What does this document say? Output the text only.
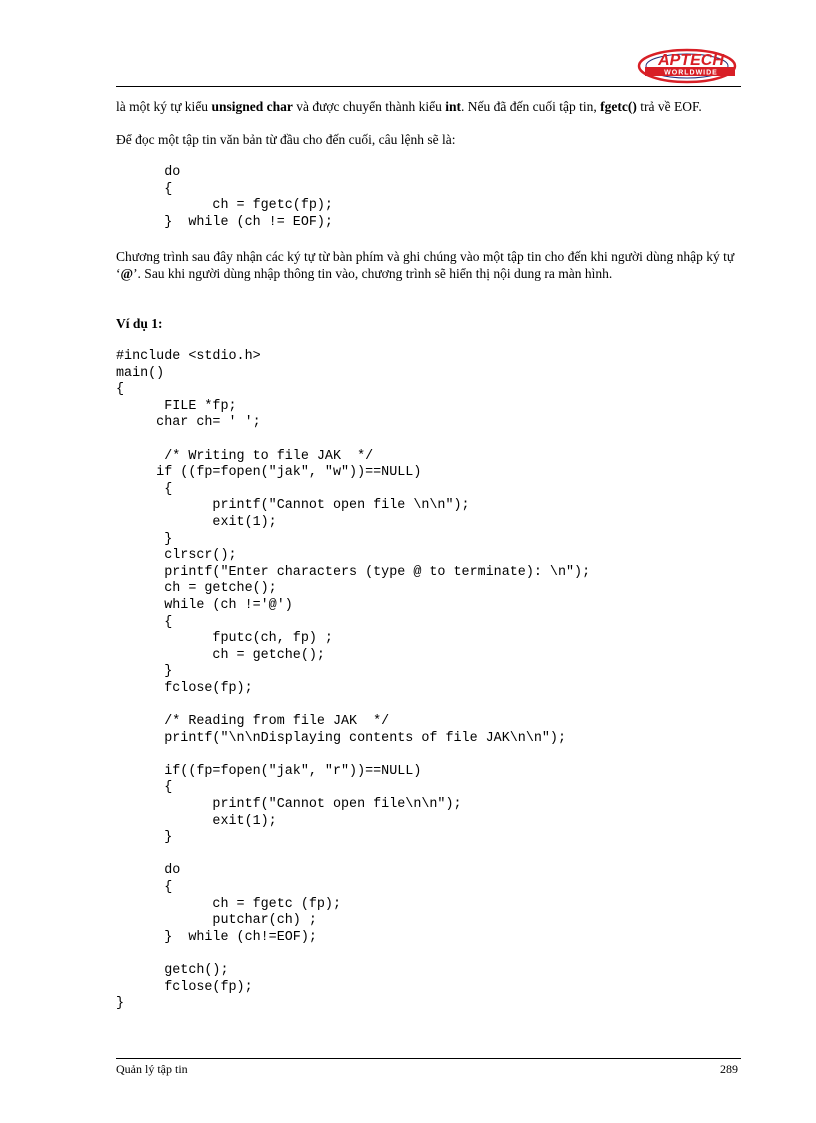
APTECH
WORLDWIDE
là một ký tự kiểu unsigned char và được chuyển thành kiểu int. Nếu đã đến cuối tập tin, fgetc() trả về EOF.
Để đọc một tập tin văn bản từ đầu cho đến cuối, câu lệnh sẽ là:
do
{
ch = fgetc(fp);
}  while (ch != EOF);
Chương trình sau đây nhận các ký tự từ bàn phím và ghi chúng vào một tập tin cho đến khi người dùng nhập ký tự ‘@’. Sau khi người dùng nhập thông tin vào, chương trình sẽ hiển thị nội dung ra màn hình.
Ví dụ 1:
#include <stdio.h>
main()
{
FILE *fp;
char ch= ' ';

/* Writing to file JAK  */
if ((fp=fopen("jak", "w"))==NULL)
{
printf("Cannot open file \n\n");
exit(1);
}
clrscr();
printf("Enter characters (type @ to terminate): \n");
ch = getche();
while (ch !='@')
{
fputc(ch, fp) ;
ch = getche();
}
fclose(fp);

/* Reading from file JAK  */
printf("\n\nDisplaying contents of file JAK\n\n");

if((fp=fopen("jak", "r"))==NULL)
{
printf("Cannot open file\n\n");
exit(1);
}

do
{
ch = fgetc (fp);
putchar(ch) ;
}  while (ch!=EOF);

getch();
fclose(fp);
}
Quản lý tập tin	289
